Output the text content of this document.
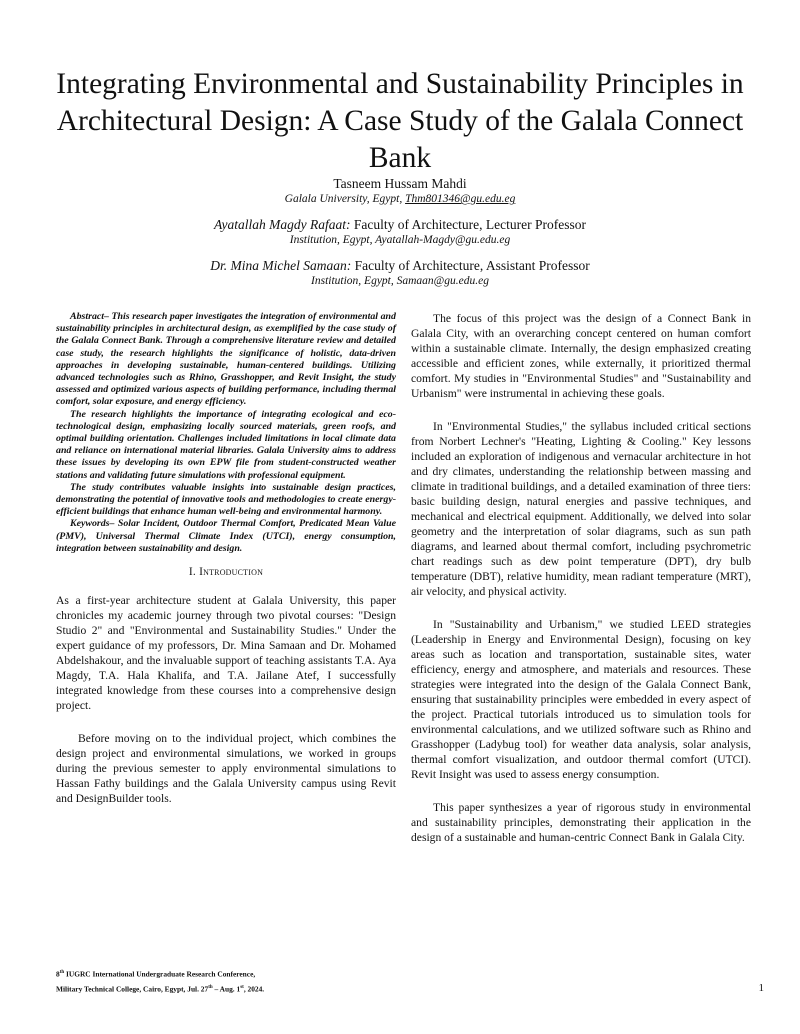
Integrating Environmental and Sustainability Principles in Architectural Design: A Case Study of the Galala Connect Bank
Tasneem Hussam Mahdi
Galala University, Egypt, Thm801346@gu.edu.eg
Ayatallah Magdy Rafaat: Faculty of Architecture, Lecturer Professor
Institution, Egypt, Ayatallah-Magdy@gu.edu.eg
Dr. Mina Michel Samaan: Faculty of Architecture, Assistant Professor
Institution, Egypt, Samaan@gu.edu.eg

Abstract– This research paper investigates the integration of environmental and sustainability principles in architectural design, as exemplified by the case study of the Galala Connect Bank. Through a comprehensive literature review and detailed case study, the research highlights the significance of holistic, data-driven approaches in developing sustainable, human-centered buildings. Utilizing advanced technologies such as Rhino, Grasshopper, and Revit Insight, the study assessed and optimized various aspects of building performance, including thermal comfort, solar exposure, and energy efficiency.

The research highlights the importance of integrating ecological and eco-technological design, emphasizing locally sourced materials, green roofs, and optimal building orientation. Challenges included limitations in local climate data and reliance on international material libraries. Galala University aims to address these issues by developing its own EPW file from student-constructed weather stations and validating future simulations with professional equipment.

The study contributes valuable insights into sustainable design practices, demonstrating the potential of innovative tools and methodologies to create energy-efficient buildings that enhance human well-being and environmental harmony.

Keywords– Solar Incident, Outdoor Thermal Comfort, Predicated Mean Value (PMV), Universal Thermal Climate Index (UTCI), energy consumption, integration between sustainability and design.

I. Introduction

As a first-year architecture student at Galala University, this paper chronicles my academic journey through two pivotal courses: "Design Studio 2" and "Environmental and Sustainability Studies." Under the expert guidance of my professors, Dr. Mina Samaan and Dr. Mohamed Abdelshakour, and the invaluable support of teaching assistants T.A. Aya Magdy, T.A. Hala Khalifa, and T.A. Jailane Atef, I successfully integrated knowledge from these courses into a comprehensive design project.

Before moving on to the individual project, which combines the design project and environmental simulations, we worked in groups during the previous semester to apply environmental simulations to Hassan Fathy buildings and the Galala University campus using Revit and DesignBuilder tools.

The focus of this project was the design of a Connect Bank in Galala City, with an overarching concept centered on human comfort within a sustainable climate. Internally, the design emphasized creating accessible and efficient zones, while externally, it prioritized thermal comfort. My studies in "Environmental Studies" and "Sustainability and Urbanism" were instrumental in achieving these goals.

In "Environmental Studies," the syllabus included critical sections from Norbert Lechner's "Heating, Lighting & Cooling." Key lessons included an exploration of indigenous and vernacular architecture in hot and dry climates, understanding the relationship between massing and climate in traditional buildings, and a detailed examination of three tiers: basic building design, natural energies and passive techniques, and mechanical and electrical equipment. Additionally, we delved into solar geometry and the interpretation of solar diagrams, such as sun path diagrams, and learned about thermal comfort, including psychrometric chart readings such as dew point temperature (DPT), dry bulb temperature (DBT), relative humidity, mean radiant temperature (MRT), air velocity, and physical activity.

In "Sustainability and Urbanism," we studied LEED strategies (Leadership in Energy and Environmental Design), focusing on key areas such as location and transportation, sustainable sites, water efficiency, energy and atmosphere, and materials and resources. These strategies were integrated into the design of the Galala Connect Bank, ensuring that sustainability principles were embedded in every aspect of the project. Practical tutorials introduced us to simulation tools for environmental calculations, and we utilized software such as Rhino and Grasshopper (Ladybug tool) for weather data analysis, solar analysis, thermal comfort visualization, and outdoor thermal comfort (UTCI). Revit Insight was used to assess energy consumption.

This paper synthesizes a year of rigorous study in environmental and sustainability principles, demonstrating their application in the design of a sustainable and human-centric Connect Bank in Galala City.

8th IUGRC International Undergraduate Research Conference,
Military Technical College, Cairo, Egypt, Jul. 27th – Aug. 1st, 2024.	1
